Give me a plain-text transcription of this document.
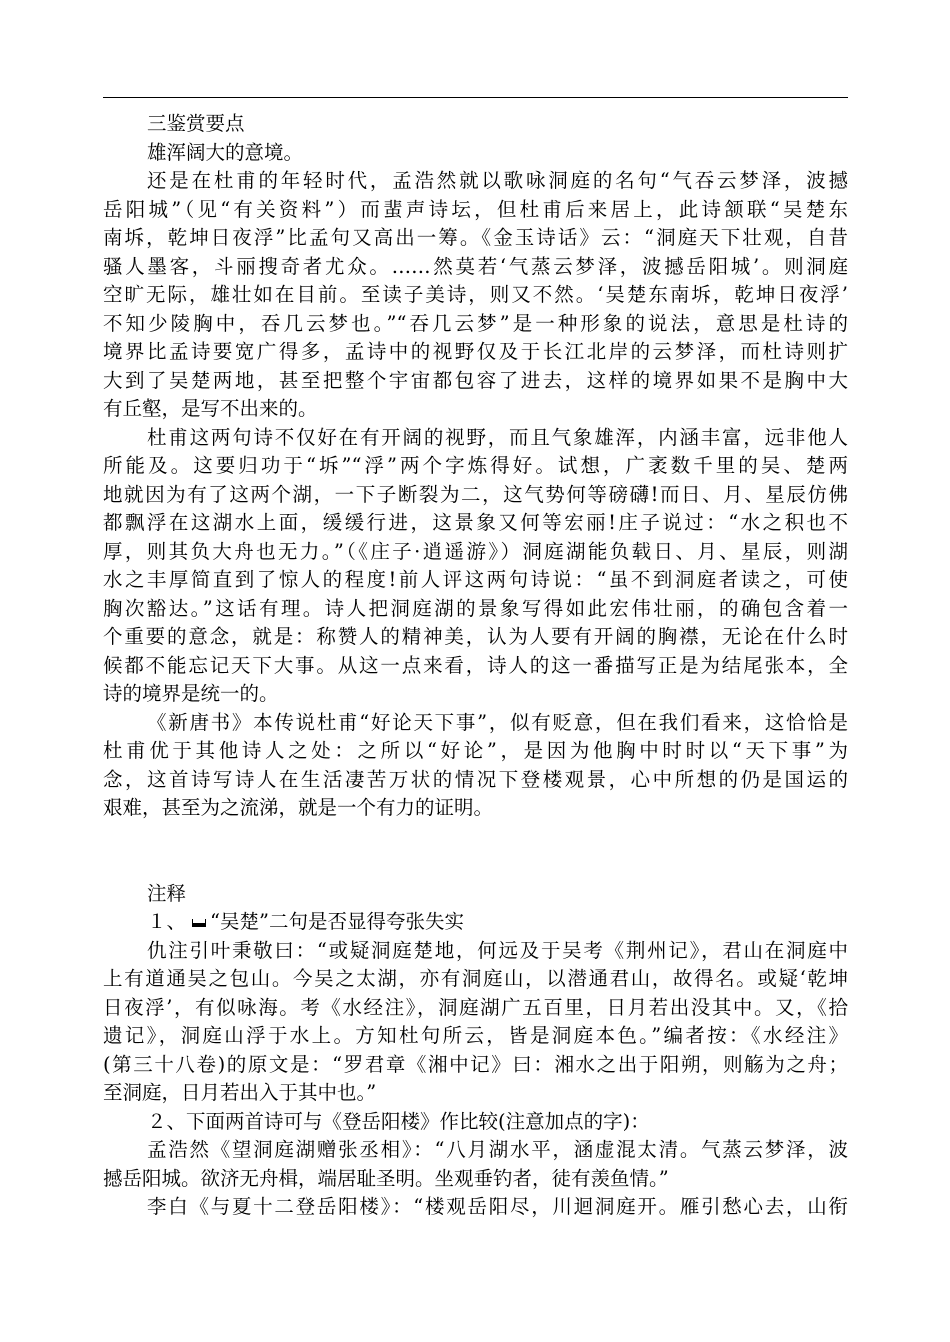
三鉴赏要点
雄浑阔大的意境。
还是在杜甫的年轻时代，孟浩然就以歌咏洞庭的名句“气吞云梦泽，波撼
岳阳城”（见“有关资料”）而蜚声诗坛，但杜甫后来居上，此诗颔联“吴楚东
南坼，乾坤日夜浮”比孟句又高出一筹。《金玉诗话》云：“洞庭天下壮观，自昔
骚人墨客，斗丽搜奇者尤众。……然莫若‘气蒸云梦泽，波撼岳阳城’。则洞庭
空旷无际，雄壮如在目前。至读子美诗，则又不然。‘吴楚东南坼，乾坤日夜浮’
不知少陵胸中，吞几云梦也。”“吞几云梦”是一种形象的说法，意思是杜诗的
境界比孟诗要宽广得多，孟诗中的视野仅及于长江北岸的云梦泽，而杜诗则扩
大到了吴楚两地，甚至把整个宇宙都包容了进去，这样的境界如果不是胸中大
有丘壑，是写不出来的。
杜甫这两句诗不仅好在有开阔的视野，而且气象雄浑，内涵丰富，远非他人
所能及。这要归功于“坼”“浮”两个字炼得好。试想，广袤数千里的吴、楚两
地就因为有了这两个湖，一下子断裂为二，这气势何等磅礴!而日、月、星辰仿佛
都飘浮在这湖水上面，缓缓行进，这景象又何等宏丽!庄子说过：“水之积也不
厚，则其负大舟也无力。”（《庄子·逍遥游》）洞庭湖能负载日、月、星辰，则湖
水之丰厚简直到了惊人的程度!前人评这两句诗说：“虽不到洞庭者读之，可使
胸次豁达。”这话有理。诗人把洞庭湖的景象写得如此宏伟壮丽，的确包含着一
个重要的意念，就是：称赞人的精神美，认为人要有开阔的胸襟，无论在什么时
候都不能忘记天下大事。从这一点来看，诗人的这一番描写正是为结尾张本，全
诗的境界是统一的。
《新唐书》本传说杜甫“好论天下事”，似有贬意，但在我们看来，这恰恰是
杜甫优于其他诗人之处：之所以“好论”，是因为他胸中时时以“天下事”为
念，这首诗写诗人在生活凄苦万状的情况下登楼观景，心中所想的仍是国运的
艰难，甚至为之流涕，就是一个有力的证明。
注释
１、 “吴楚”二句是否显得夸张失实
仇注引叶秉敬曰：“或疑洞庭楚地，何远及于吴考《荆州记》，君山在洞庭中
上有道通吴之包山。今吴之太湖，亦有洞庭山，以潜通君山，故得名。或疑‘乾坤
日夜浮’，有似咏海。考《水经注》，洞庭湖广五百里，日月若出没其中。又，《拾
遗记》，洞庭山浮于水上。方知杜句所云，皆是洞庭本色。”编者按：《水经注》
(第三十八卷)的原文是：“罗君章《湘中记》曰：湘水之出于阳朔，则觞为之舟；
至洞庭，日月若出入于其中也。”
２、下面两首诗可与《登岳阳楼》作比较(注意加点的字)：
孟浩然《望洞庭湖赠张丞相》：“八月湖水平，涵虚混太清。气蒸云梦泽，波
撼岳阳城。欲济无舟楫，端居耻圣明。坐观垂钓者，徒有羡鱼情。”
李白《与夏十二登岳阳楼》：“楼观岳阳尽，川迴洞庭开。雁引愁心去，山衔
